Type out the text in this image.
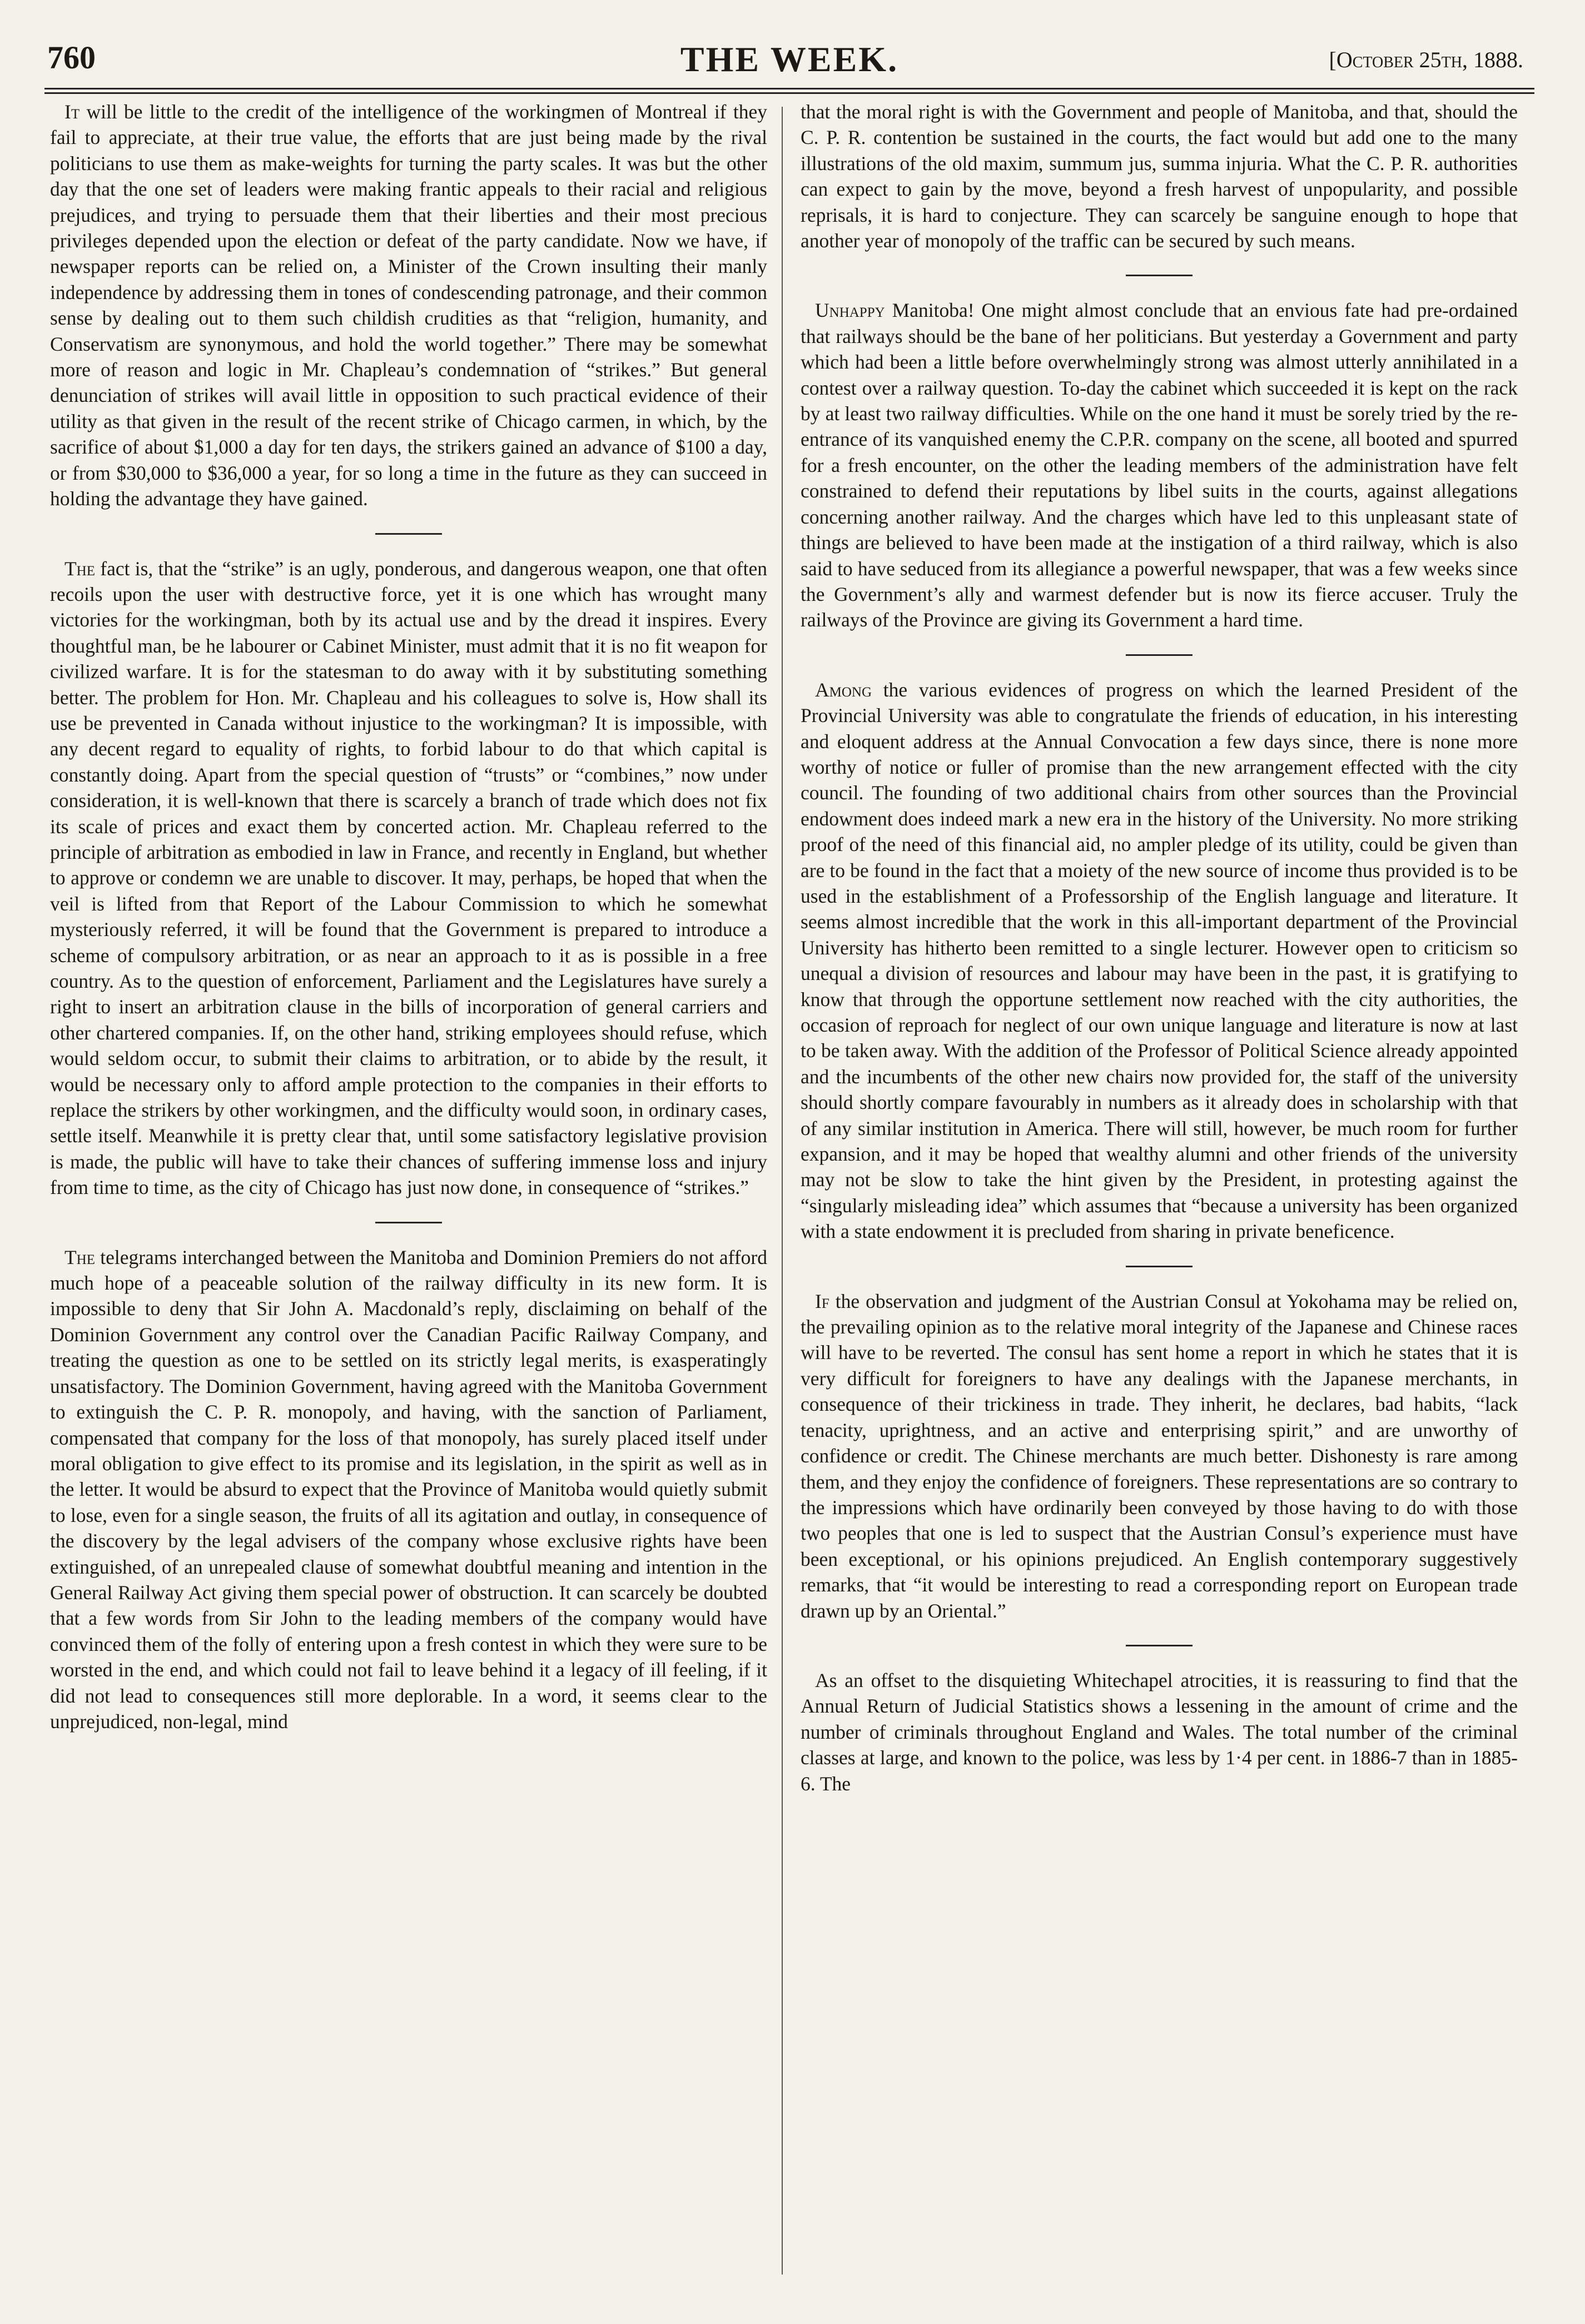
760	THE WEEK.	[October 25th, 1888.

It will be little to the credit of the intelligence of the workingmen of Montreal if they fail to appreciate, at their true value, the efforts that are just being made by the rival politicians to use them as make-weights for turning the party scales. It was but the other day that the one set of leaders were making frantic appeals to their racial and religious prejudices, and trying to persuade them that their liberties and their most precious privileges depended upon the election or defeat of the party candidate. Now we have, if newspaper reports can be relied on, a Minister of the Crown insulting their manly independence by addressing them in tones of condescending patronage, and their common sense by dealing out to them such childish crudities as that “religion, humanity, and Conservatism are synonymous, and hold the world together.” There may be somewhat more of reason and logic in Mr. Chapleau’s condemnation of “strikes.” But general denunciation of strikes will avail little in opposition to such practical evidence of their utility as that given in the result of the recent strike of Chicago carmen, in which, by the sacrifice of about $1,000 a day for ten days, the strikers gained an advance of $100 a day, or from $30,000 to $36,000 a year, for so long a time in the future as they can succeed in holding the advantage they have gained.

The fact is, that the “strike” is an ugly, ponderous, and dangerous weapon, one that often recoils upon the user with destructive force, yet it is one which has wrought many victories for the workingman, both by its actual use and by the dread it inspires. Every thoughtful man, be he labourer or Cabinet Minister, must admit that it is no fit weapon for civilized warfare. It is for the statesman to do away with it by substituting something better. The problem for Hon. Mr. Chapleau and his colleagues to solve is, How shall its use be prevented in Canada without injustice to the workingman? It is impossible, with any decent regard to equality of rights, to forbid labour to do that which capital is constantly doing. Apart from the special question of “trusts” or “combines,” now under consideration, it is well-known that there is scarcely a branch of trade which does not fix its scale of prices and exact them by concerted action. Mr. Chapleau referred to the principle of arbitration as embodied in law in France, and recently in England, but whether to approve or condemn we are unable to discover. It may, perhaps, be hoped that when the veil is lifted from that Report of the Labour Commission to which he somewhat mysteriously referred, it will be found that the Government is prepared to introduce a scheme of compulsory arbitration, or as near an approach to it as is possible in a free country. As to the question of enforcement, Parliament and the Legislatures have surely a right to insert an arbitration clause in the bills of incorporation of general carriers and other chartered companies. If, on the other hand, striking employees should refuse, which would seldom occur, to submit their claims to arbitration, or to abide by the result, it would be necessary only to afford ample protection to the companies in their efforts to replace the strikers by other workingmen, and the difficulty would soon, in ordinary cases, settle itself. Meanwhile it is pretty clear that, until some satisfactory legislative provision is made, the public will have to take their chances of suffering immense loss and injury from time to time, as the city of Chicago has just now done, in consequence of “strikes.”

The telegrams interchanged between the Manitoba and Dominion Premiers do not afford much hope of a peaceable solution of the railway difficulty in its new form. It is impossible to deny that Sir John A. Macdonald’s reply, disclaiming on behalf of the Dominion Government any control over the Canadian Pacific Railway Company, and treating the question as one to be settled on its strictly legal merits, is exasperatingly unsatisfactory. The Dominion Government, having agreed with the Manitoba Government to extinguish the C. P. R. monopoly, and having, with the sanction of Parliament, compensated that company for the loss of that monopoly, has surely placed itself under moral obligation to give effect to its promise and its legislation, in the spirit as well as in the letter. It would be absurd to expect that the Province of Manitoba would quietly submit to lose, even for a single season, the fruits of all its agitation and outlay, in consequence of the discovery by the legal advisers of the company whose exclusive rights have been extinguished, of an unrepealed clause of somewhat doubtful meaning and intention in the General Railway Act giving them special power of obstruction. It can scarcely be doubted that a few words from Sir John to the leading members of the company would have convinced them of the folly of entering upon a fresh contest in which they were sure to be worsted in the end, and which could not fail to leave behind it a legacy of ill feeling, if it did not lead to consequences still more deplorable. In a word, it seems clear to the unprejudiced, non-legal, mind

that the moral right is with the Government and people of Manitoba, and that, should the C. P. R. contention be sustained in the courts, the fact would but add one to the many illustrations of the old maxim, summum jus, summa injuria. What the C. P. R. authorities can expect to gain by the move, beyond a fresh harvest of unpopularity, and possible reprisals, it is hard to conjecture. They can scarcely be sanguine enough to hope that another year of monopoly of the traffic can be secured by such means.

Unhappy Manitoba! One might almost conclude that an envious fate had pre-ordained that railways should be the bane of her politicians. But yesterday a Government and party which had been a little before overwhelmingly strong was almost utterly annihilated in a contest over a railway question. To-day the cabinet which succeeded it is kept on the rack by at least two railway difficulties. While on the one hand it must be sorely tried by the re-entrance of its vanquished enemy the C.P.R. company on the scene, all booted and spurred for a fresh encounter, on the other the leading members of the administration have felt constrained to defend their reputations by libel suits in the courts, against allegations concerning another railway. And the charges which have led to this unpleasant state of things are believed to have been made at the instigation of a third railway, which is also said to have seduced from its allegiance a powerful newspaper, that was a few weeks since the Government’s ally and warmest defender but is now its fierce accuser. Truly the railways of the Province are giving its Government a hard time.

Among the various evidences of progress on which the learned President of the Provincial University was able to congratulate the friends of education, in his interesting and eloquent address at the Annual Convocation a few days since, there is none more worthy of notice or fuller of promise than the new arrangement effected with the city council. The founding of two additional chairs from other sources than the Provincial endowment does indeed mark a new era in the history of the University. No more striking proof of the need of this financial aid, no ampler pledge of its utility, could be given than are to be found in the fact that a moiety of the new source of income thus provided is to be used in the establishment of a Professorship of the English language and literature. It seems almost incredible that the work in this all-important department of the Provincial University has hitherto been remitted to a single lecturer. However open to criticism so unequal a division of resources and labour may have been in the past, it is gratifying to know that through the opportune settlement now reached with the city authorities, the occasion of reproach for neglect of our own unique language and literature is now at last to be taken away. With the addition of the Professor of Political Science already appointed and the incumbents of the other new chairs now provided for, the staff of the university should shortly compare favourably in numbers as it already does in scholarship with that of any similar institution in America. There will still, however, be much room for further expansion, and it may be hoped that wealthy alumni and other friends of the university may not be slow to take the hint given by the President, in protesting against the “singularly misleading idea” which assumes that “because a university has been organized with a state endowment it is precluded from sharing in private beneficence.

If the observation and judgment of the Austrian Consul at Yokohama may be relied on, the prevailing opinion as to the relative moral integrity of the Japanese and Chinese races will have to be reverted. The consul has sent home a report in which he states that it is very difficult for foreigners to have any dealings with the Japanese merchants, in consequence of their trickiness in trade. They inherit, he declares, bad habits, “lack tenacity, uprightness, and an active and enterprising spirit,” and are unworthy of confidence or credit. The Chinese merchants are much better. Dishonesty is rare among them, and they enjoy the confidence of foreigners. These representations are so contrary to the impressions which have ordinarily been conveyed by those having to do with those two peoples that one is led to suspect that the Austrian Consul’s experience must have been exceptional, or his opinions prejudiced. An English contemporary suggestively remarks, that “it would be interesting to read a corresponding report on European trade drawn up by an Oriental.”

As an offset to the disquieting Whitechapel atrocities, it is reassuring to find that the Annual Return of Judicial Statistics shows a lessening in the amount of crime and the number of criminals throughout England and Wales. The total number of the criminal classes at large, and known to the police, was less by 1·4 per cent. in 1886-7 than in 1885-6. The
